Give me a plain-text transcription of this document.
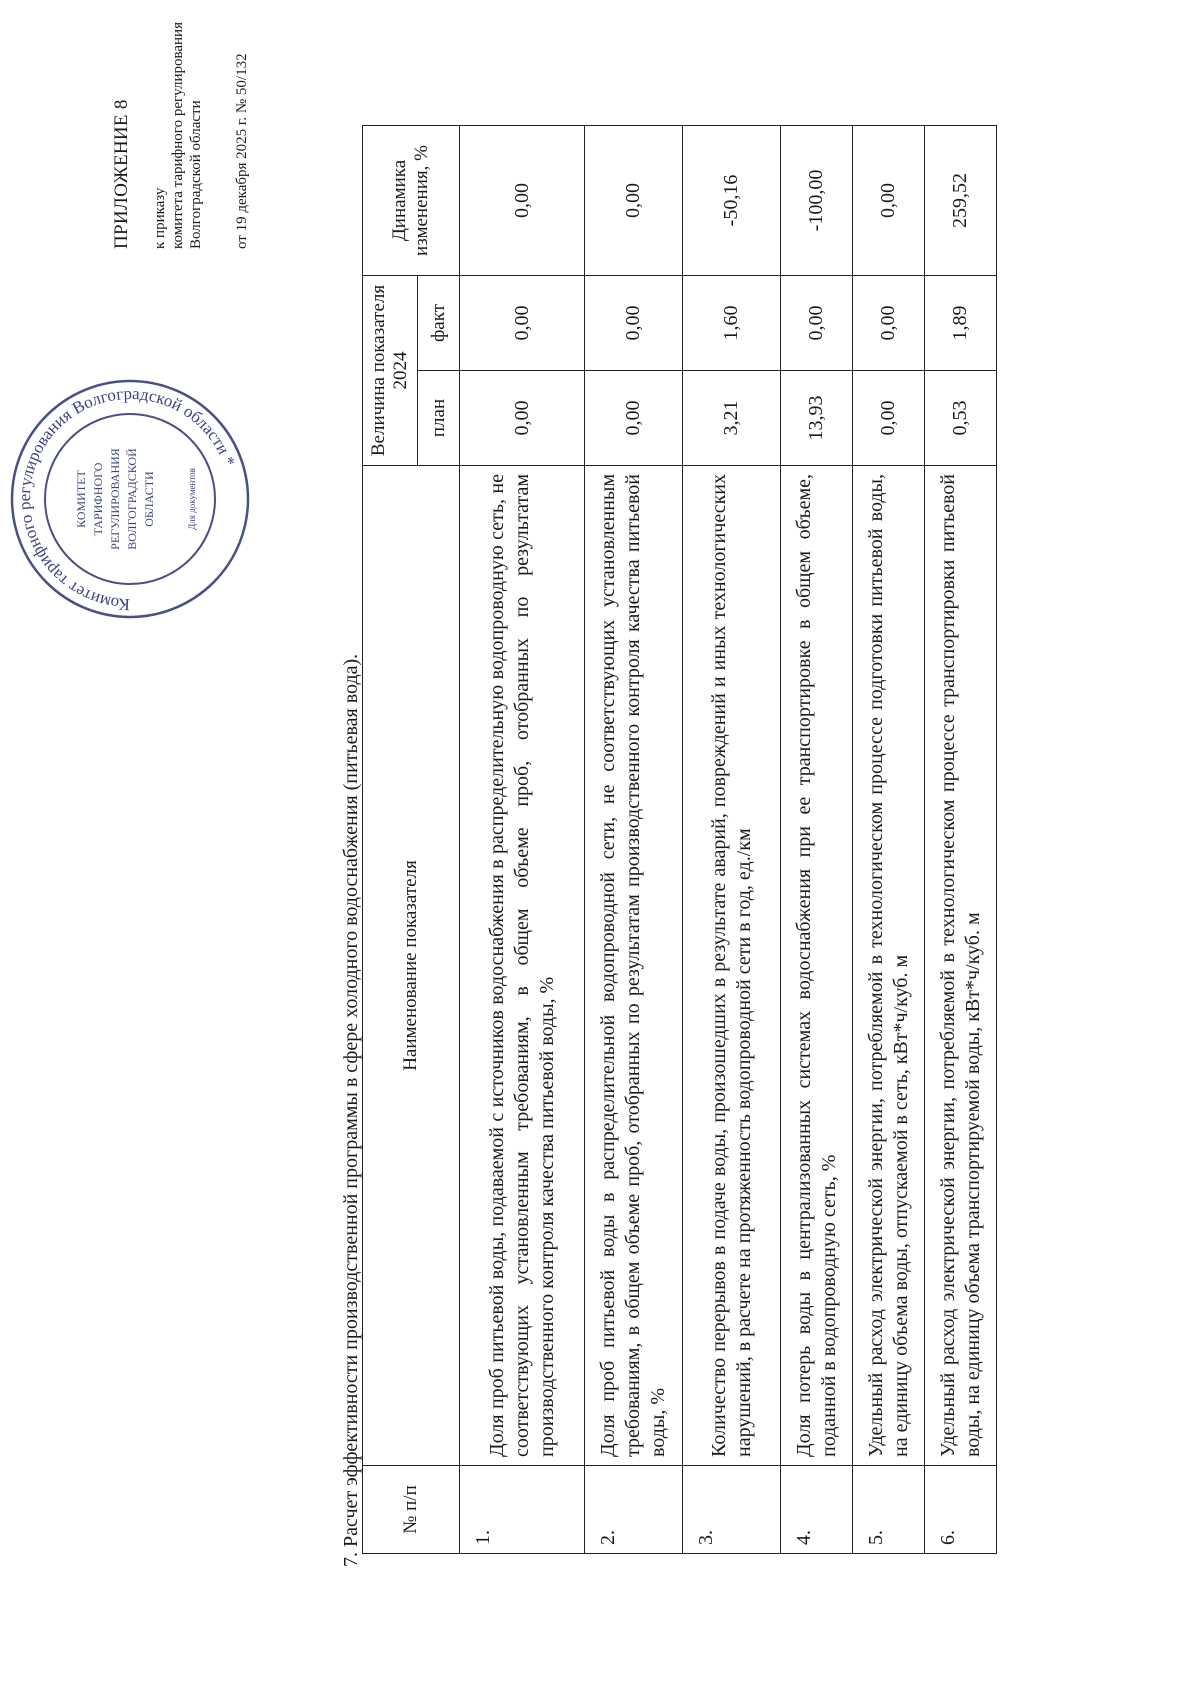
Комитет тарифного регулирования Волгоградской области *
КОМИТЕТ ТАРИФНОГО РЕГУЛИРОВАНИЯ ВОЛГОГРАДСКОЙ ОБЛАСТИ	Для документов
ПРИЛОЖЕНИЕ 8 к приказу комитета тарифного регулирования Волгоградской области от 19 декабря 2025 г. № 50/132
7. Расчет эффективности производственной программы в сфере холодного водоснабжения (питьевая вода). № п/п	Наименование показателя	Величина показателя 2024		Динамика изменения, %
		план	факт	
1.	Доля проб питьевой воды, подаваемой с источников водоснабжения в распределительную водопроводную сеть, не соответствующих установленным требованиям, в общем объеме проб, отобранных по результатам производственного контроля качества питьевой воды, %	0,00	0,00	0,00
2.	Доля проб питьевой воды в распределительной водопроводной сети, не соответствующих установленным требованиям, в общем объеме проб, отобранных по результатам производственного контроля качества питьевой воды, %	0,00	0,00	0,00
3.	Количество перерывов в подаче воды, произошедших в результате аварий, повреждений и иных технологических нарушений, в расчете на протяженность водопроводной сети в год, ед./км	3,21	1,60	-50,16
4.	Доля потерь воды в централизованных системах водоснабжения при ее транспортировке в общем объеме, поданной в водопроводную сеть, %	13,93	0,00	-100,00
5.	Удельный расход электрической энергии, потребляемой в технологическом процессе подготовки питьевой воды, на единицу объема воды, отпускаемой в сеть, кВт*ч/куб. м	0,00	0,00	0,00
6.	Удельный расход электрической энергии, потребляемой в технологическом процессе транспортировки питьевой воды, на единицу объема транспортируемой воды, кВт*ч/куб. м	0,53	1,89	259,52
